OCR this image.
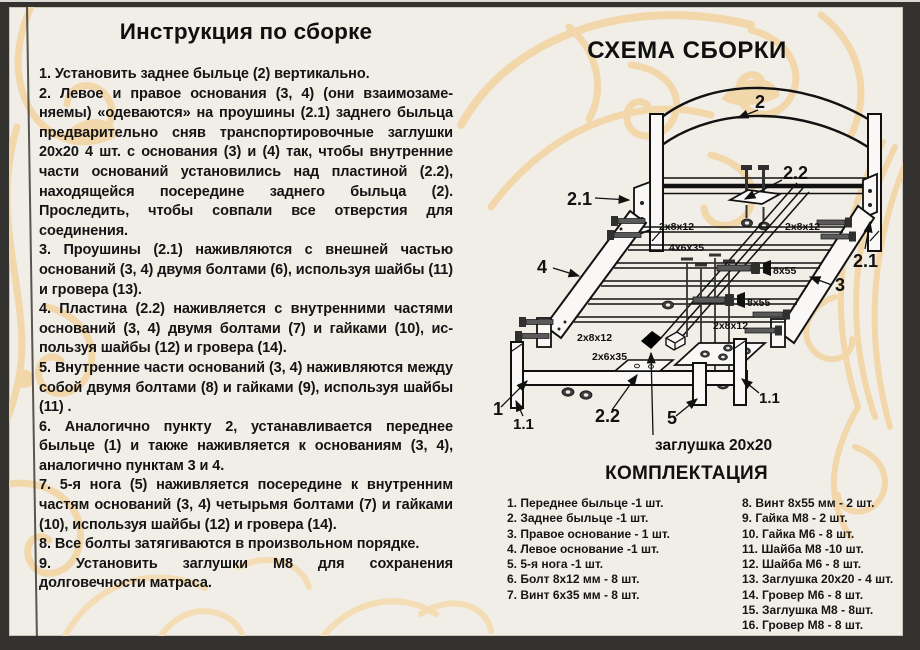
Инструкция по сборке

1. Установить заднее быльце (2) вертикально.

2. Левое и правое основания (3, 4) (они взаимозаме- няемы) «одеваются» на проушины (2.1) заднего быльца предварительно сняв транспортировочные заглушки 20х20 4 шт. с основания (3) и (4) так, чтобы внутренние части оснований установились над пластиной (2.2), находящейся посередине заднего быльца (2). Проследить, чтобы совпали все отверстия для соединения.

3. Проушины (2.1) наживляются с внешней частью оснований (3, 4) двумя болтами (6), используя шайбы (11) и гровера (13).

4. Пластина (2.2) наживляется с внутренними частями оснований (3, 4) двумя болтами (7) и гайками (10), ис- пользуя шайбы (12) и гровера (14).

5. Внутренние части оснований (3, 4) наживляются между собой двумя болтами (8) и гайками (9), используя шайбы (11) .

6. Аналогично пункту 2, устанавливается переднее быльце (1) и также наживляется к основаниям (3, 4), аналогично пунктам 3 и 4.

7. 5-я нога (5) наживляется посередине к внутренним частям оснований (3, 4) четырьмя болтами (7) и гайками (10), используя шайбы (12) и гровера (14).

8. Все болты затягиваются в произвольном порядке.

9. Установить заглушки М8 для сохранения долговечности матраса.

СХЕМА СБОРКИ
2
2.2
2.1
2.1
4
3
1
1.1
1.1
2.2	5
заглушка 20х20
2x8x12	2x8x12
2x8x12
2x8x12
4x6x35
8x55
8x55
2x6x35
КОМПЛЕКТАЦИЯ
1. Переднее быльце -1 шт.
2. Заднее быльце -1 шт.
3. Правое основание - 1 шт.
4. Левое основание -1 шт.
5. 5-я нога -1 шт.
6. Болт 8х12 мм - 8 шт.
7. Винт 6х35 мм - 8 шт.
8. Винт 8х55 мм - 2 шт.
9. Гайка М8 - 2 шт.
10. Гайка М6 - 8 шт.
11. Шайба М8 -10 шт.
12. Шайба М6 - 8 шт.
13. Заглушка 20х20 - 4 шт.
14. Гровер М6 - 8 шт.
15. Заглушка М8 - 8шт.
16. Гровер М8 - 8 шт.
